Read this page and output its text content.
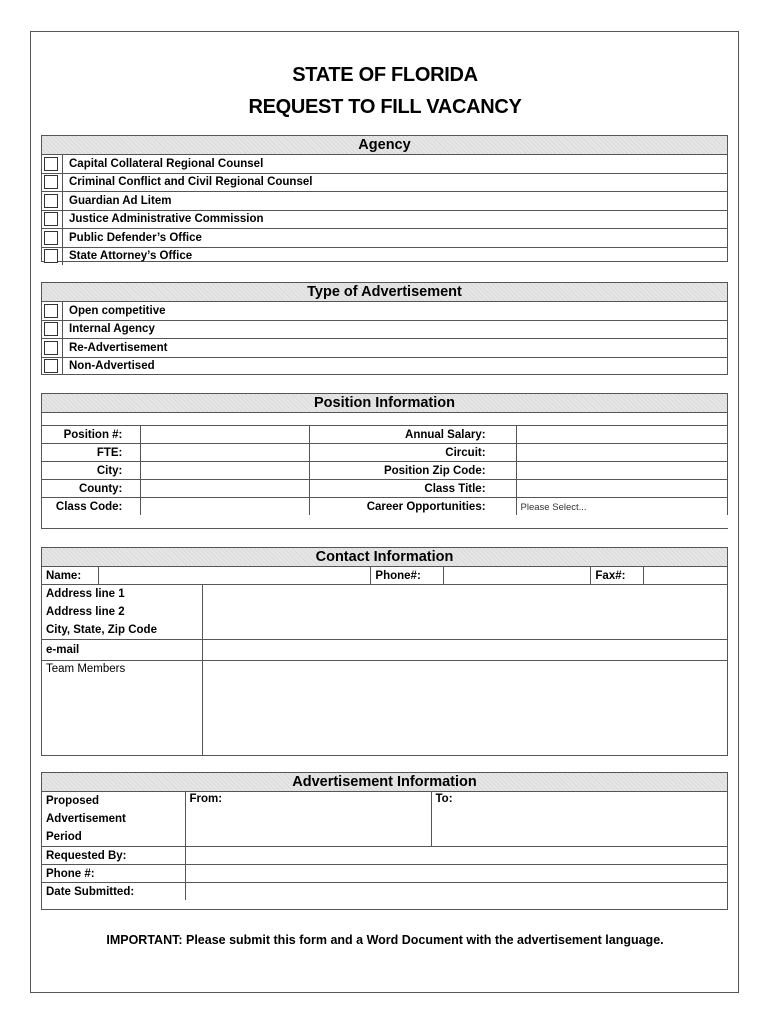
STATE OF FLORIDA
REQUEST TO FILL VACANCY
Agency
Capital Collateral Regional Counsel
Criminal Conflict and Civil Regional Counsel
Guardian Ad Litem
Justice Administrative Commission
Public Defender’s Office
State Attorney’s Office
Type of Advertisement
Open competitive
Internal Agency
Re-Advertisement
Non-Advertised
Position Information
Position #:		Annual Salary:	
FTE:		Circuit:	
City:		Position Zip Code:	
County:		Class Title:	
Class Code:		Career Opportunities:	Please Select...
Contact Information
Name:			Phone#:		Fax#:	
Address line 1
Address line 2
City, State, Zip Code	

e-mail	
Team Members	
Advertisement Information
Proposed
Advertisement
Period	From:	To:
Requested By:		
Phone #:		
Date Submitted:		
IMPORTANT: Please submit this form and a Word Document with the advertisement language.
